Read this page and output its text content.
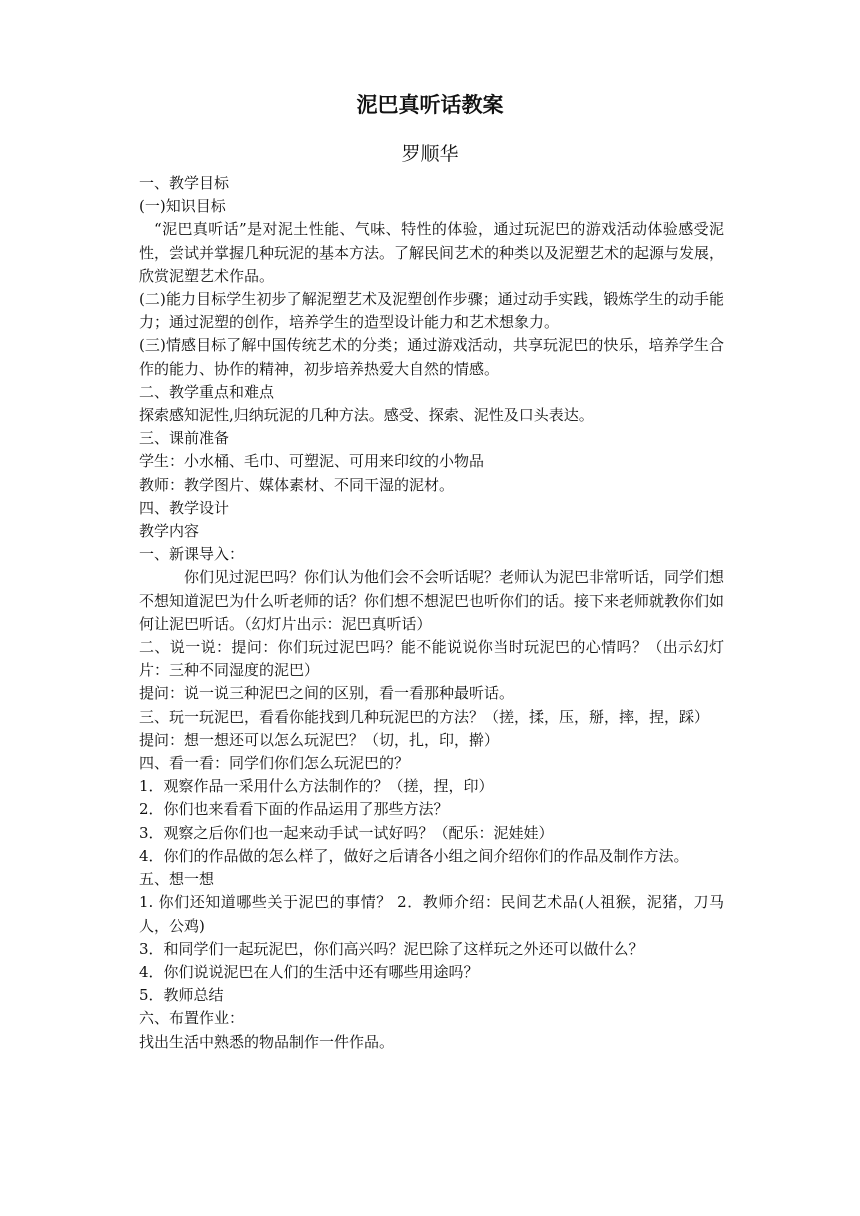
泥巴真听话教案
罗顺华

一、教学目标

(一)知识目标

“泥巴真听话”是对泥土性能、气味、特性的体验，通过玩泥巴的游戏活动体验感受泥性，尝试并掌握几种玩泥的基本方法。了解民间艺术的种类以及泥塑艺术的起源与发展，欣赏泥塑艺术作品。

(二)能力目标学生初步了解泥塑艺术及泥塑创作步骤；通过动手实践，锻炼学生的动手能力；通过泥塑的创作，培养学生的造型设计能力和艺术想象力。

(三)情感目标了解中国传统艺术的分类；通过游戏活动，共享玩泥巴的快乐，培养学生合作的能力、协作的精神，初步培养热爱大自然的情感。

二、教学重点和难点

探索感知泥性,归纳玩泥的几种方法。感受、探索、泥性及口头表达。

三、课前准备

学生：小水桶、毛巾、可塑泥、可用来印纹的小物品

教师：教学图片、媒体素材、不同干湿的泥材。

四、教学设计

教学内容

一、新课导入：

你们见过泥巴吗？你们认为他们会不会听话呢？老师认为泥巴非常听话，同学们想不想知道泥巴为什么听老师的话？你们想不想泥巴也听你们的话。接下来老师就教你们如何让泥巴听话。（幻灯片出示：泥巴真听话）

二、说一说：提问：你们玩过泥巴吗？能不能说说你当时玩泥巴的心情吗？（出示幻灯片：三种不同湿度的泥巴）

提问：说一说三种泥巴之间的区别，看一看那种最听话。

三、玩一玩泥巴，看看你能找到几种玩泥巴的方法？（搓，揉，压，掰，摔，捏，踩）

提问：想一想还可以怎么玩泥巴？（切，扎，印，擀）

四、看一看：同学们你们怎么玩泥巴的？

1．观察作品一采用什么方法制作的？（搓，捏，印）

2．你们也来看看下面的作品运用了那些方法？

3．观察之后你们也一起来动手试一试好吗？（配乐：泥娃娃）

4．你们的作品做的怎么样了，做好之后请各小组之间介绍你们的作品及制作方法。

五、想一想

1. 你们还知道哪些关于泥巴的事情？ 2．教师介绍：民间艺术品(人祖猴，泥猪，刀马人，公鸡)

3．和同学们一起玩泥巴，你们高兴吗？泥巴除了这样玩之外还可以做什么？

4．你们说说泥巴在人们的生活中还有哪些用途吗？

5．教师总结

六、布置作业：

找出生活中熟悉的物品制作一件作品。
